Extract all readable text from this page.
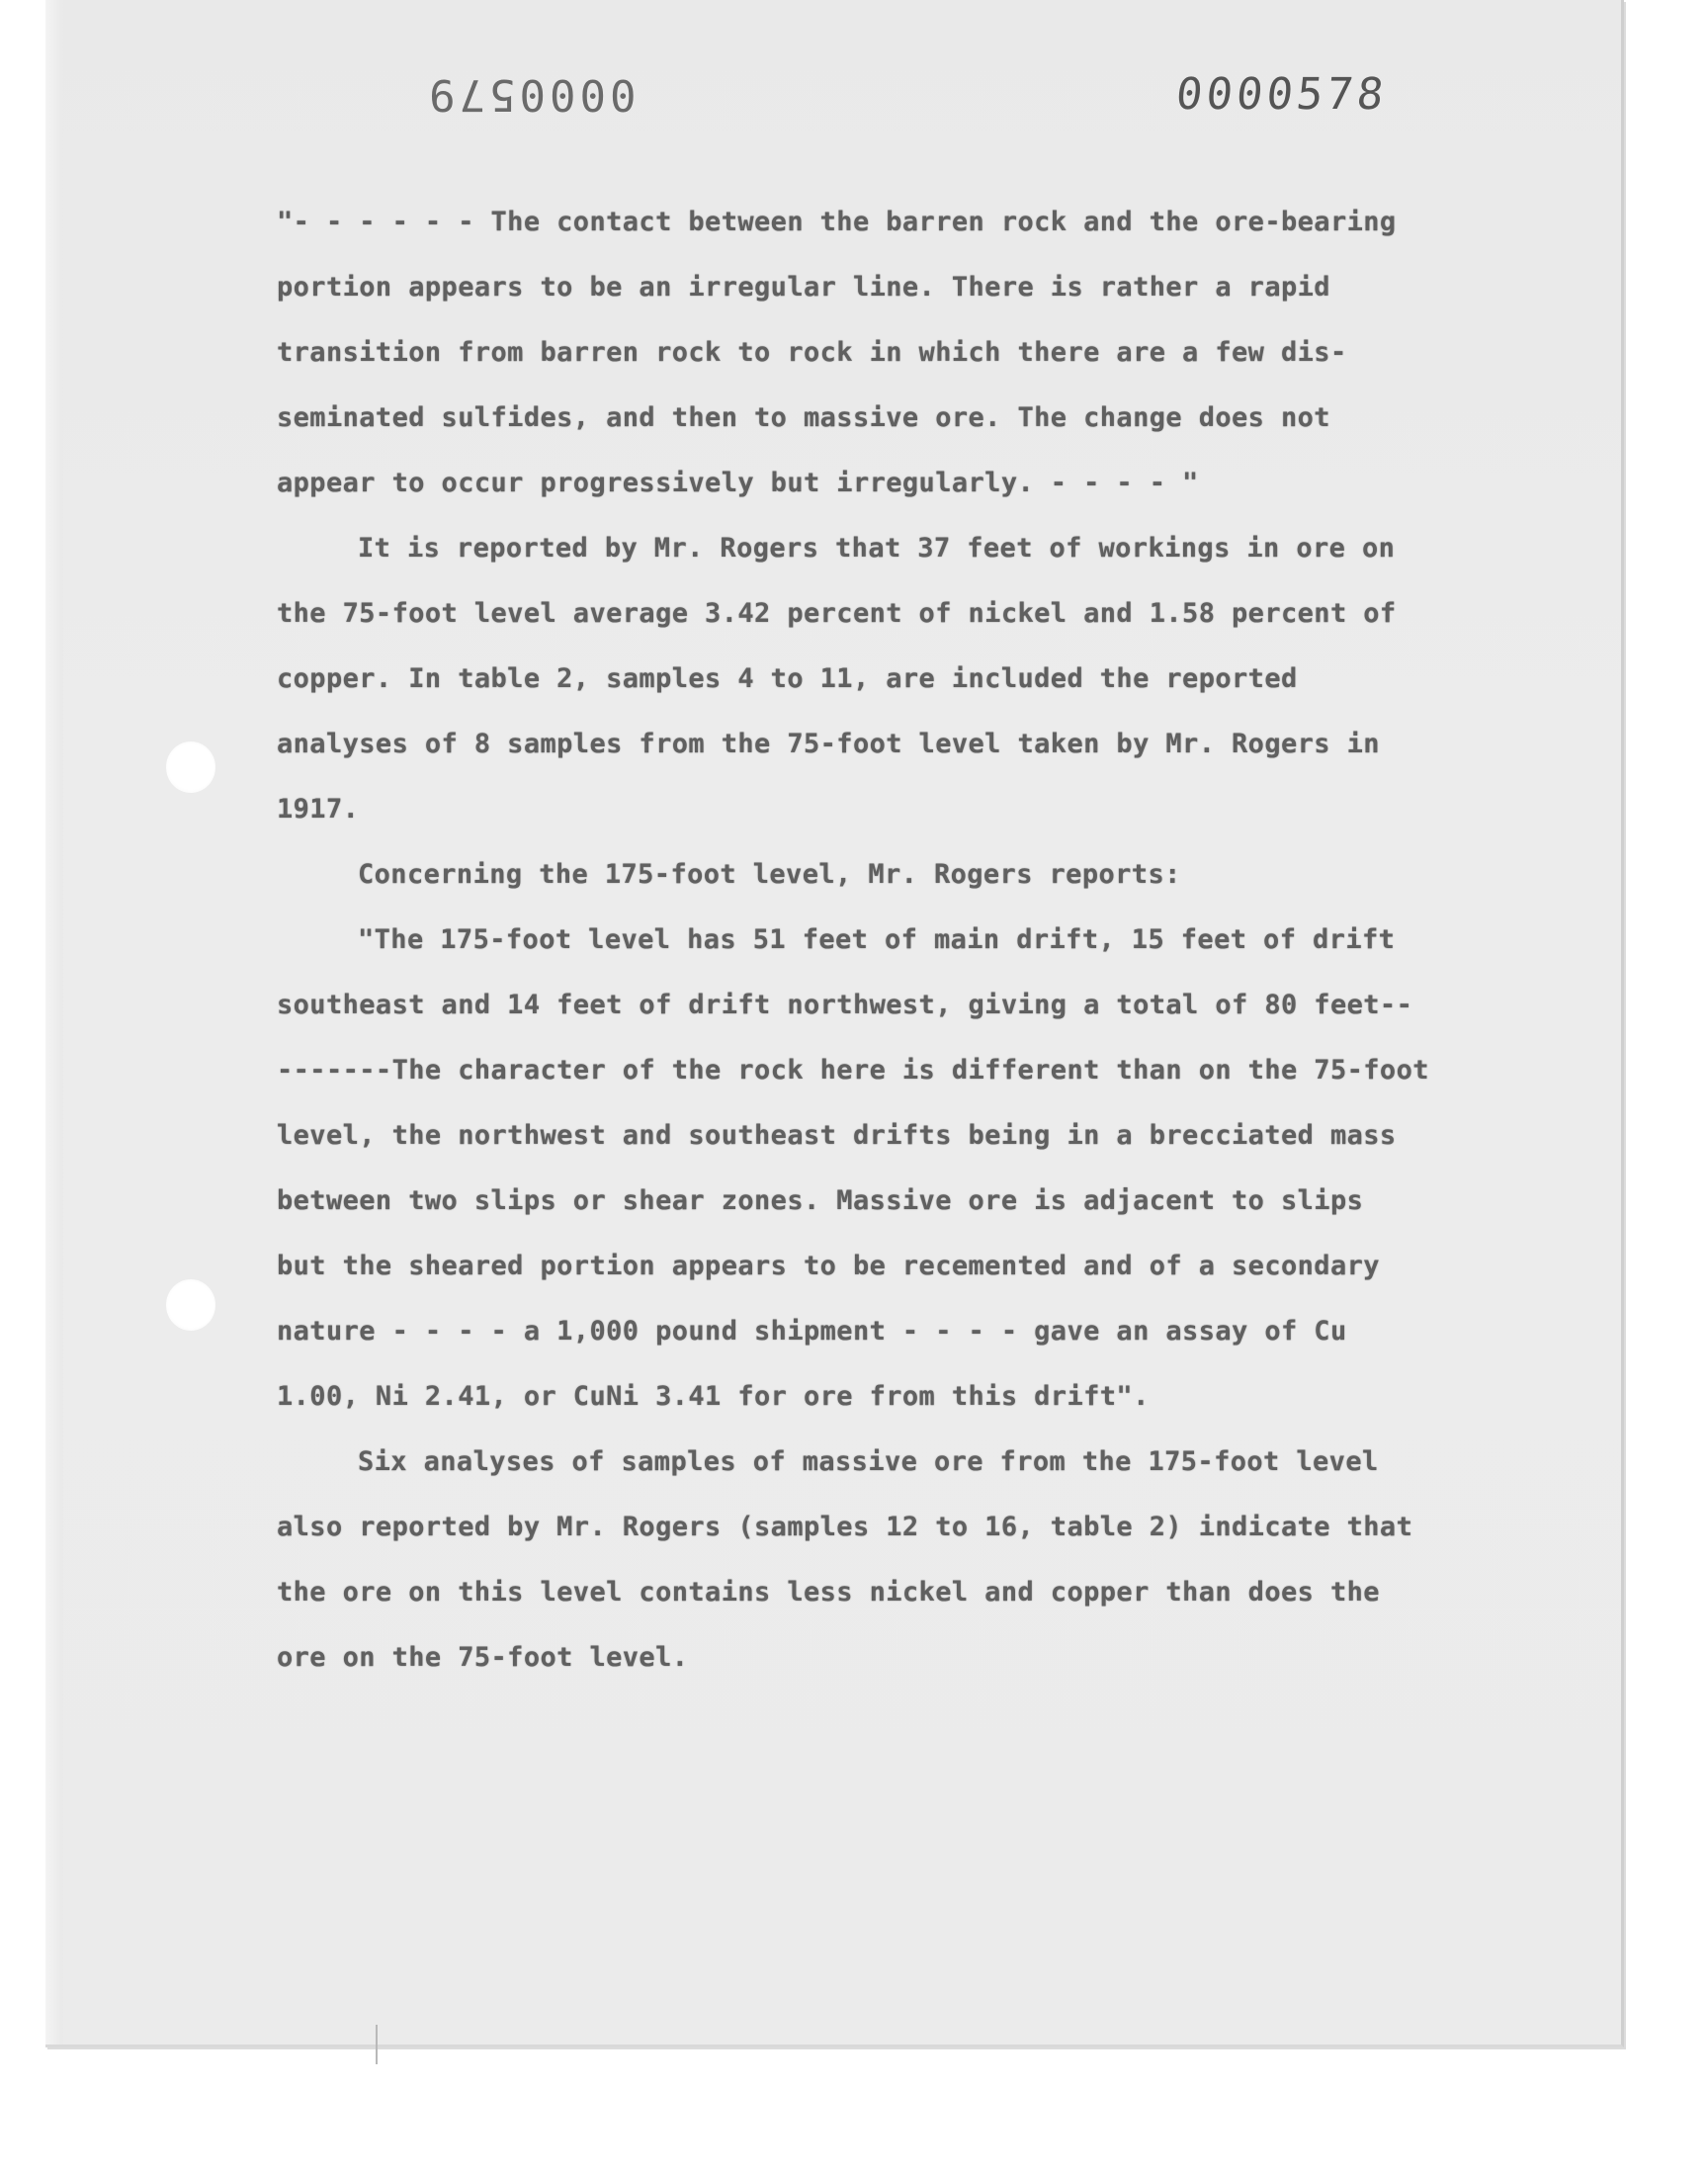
0000579	0000578
"- - - - - - The contact between the barren rock and the ore-bearing
portion appears to be an irregular line. There is rather a rapid
transition from barren rock to rock in which there are a few dis-
seminated sulfides, and then to massive ore. The change does not
appear to occur progressively but irregularly. - - - - "
It is reported by Mr. Rogers that 37 feet of workings in ore on
the 75-foot level average 3.42 percent of nickel and 1.58 percent of
copper. In table 2, samples 4 to 11, are included the reported
analyses of 8 samples from the 75-foot level taken by Mr. Rogers in
1917.
Concerning the 175-foot level, Mr. Rogers reports:
"The 175-foot level has 51 feet of main drift, 15 feet of drift
southeast and 14 feet of drift northwest, giving a total of 80 feet--
-------The character of the rock here is different than on the 75-foot
level, the northwest and southeast drifts being in a brecciated mass
between two slips or shear zones. Massive ore is adjacent to slips
but the sheared portion appears to be recemented and of a secondary
nature - - - - a 1,000 pound shipment - - - - gave an assay of Cu
1.00, Ni 2.41, or CuNi 3.41 for ore from this drift".
Six analyses of samples of massive ore from the 175-foot level
also reported by Mr. Rogers (samples 12 to 16, table 2) indicate that
the ore on this level contains less nickel and copper than does the
ore on the 75-foot level.
